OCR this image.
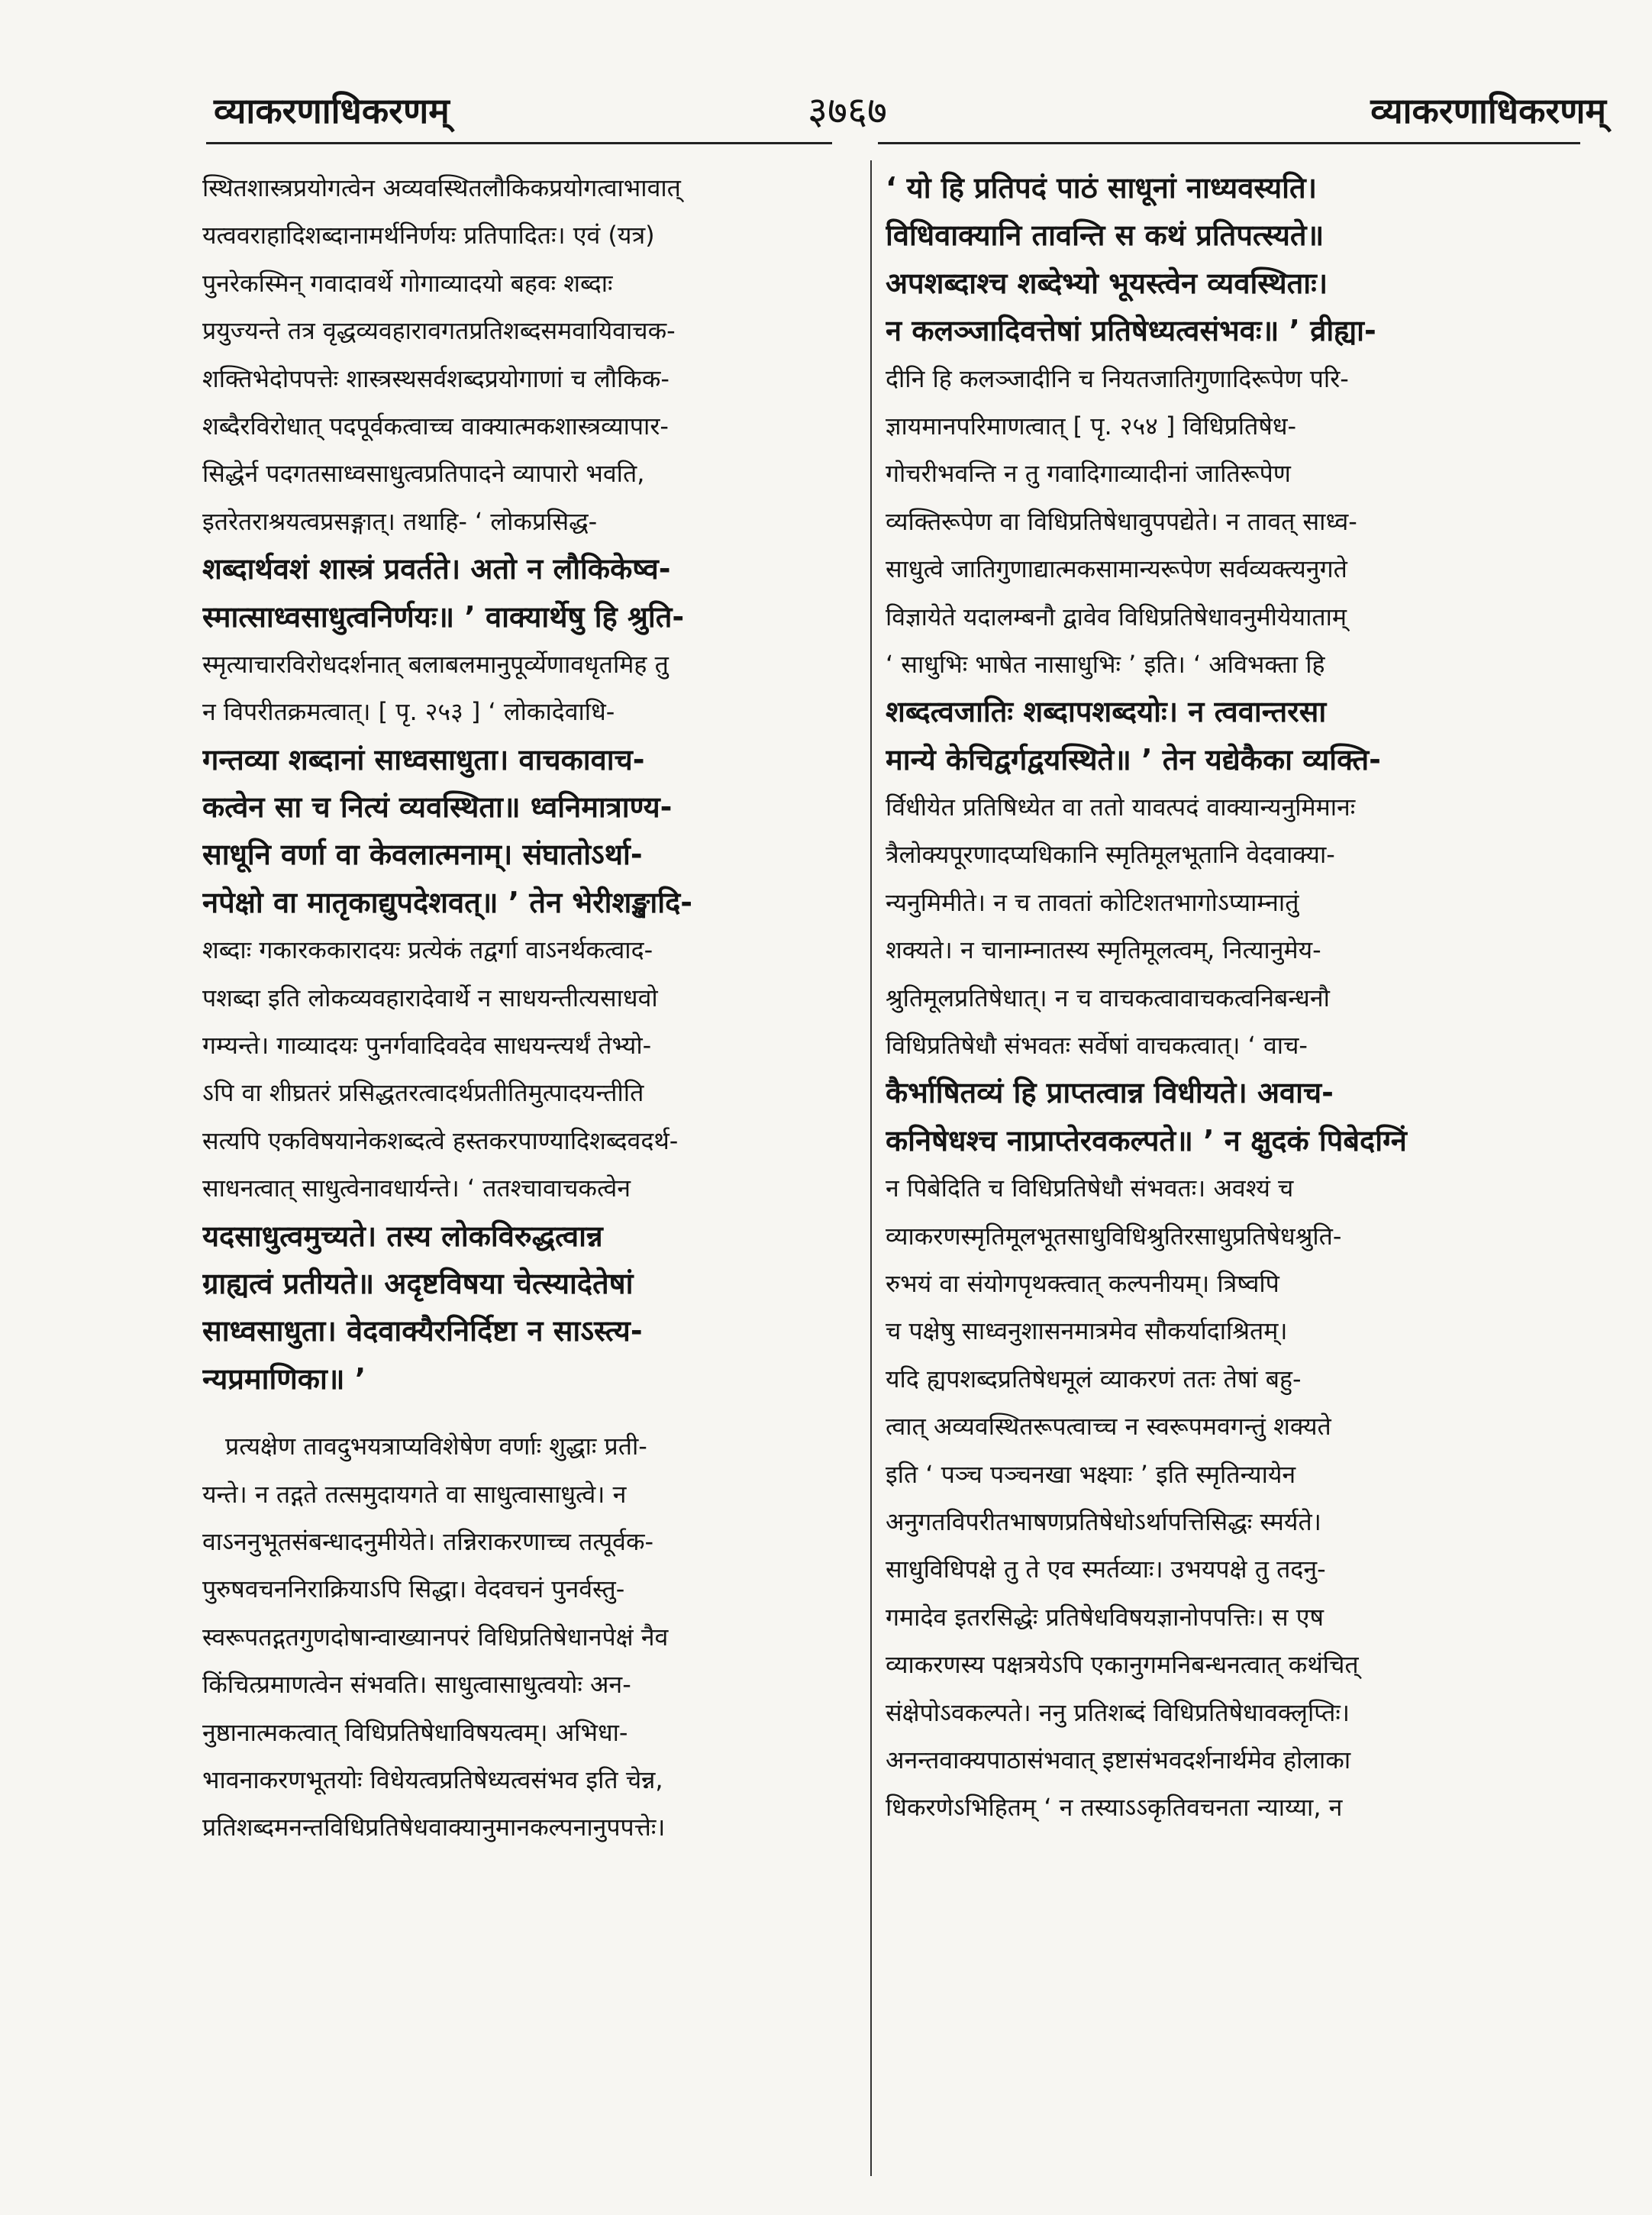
व्याकरणाधिकरणम्	३७६७	व्याकरणाधिकरणम्
स्थितशास्त्रप्रयोगत्वेन अव्यवस्थितलौकिकप्रयोगत्वाभावात्
यत्ववराहादिशब्दानामर्थनिर्णयः प्रतिपादितः। एवं (यत्र)
पुनरेकस्मिन् गवादावर्थे गोगाव्यादयो बहवः शब्दाः
प्रयुज्यन्ते तत्र वृद्धव्यवहारावगतप्रतिशब्दसमवायिवाचक-
शक्तिभेदोपपत्तेः शास्त्रस्थसर्वशब्दप्रयोगाणां च लौकिक-
शब्दैरविरोधात् पदपूर्वकत्वाच्च वाक्यात्मकशास्त्रव्यापार-
सिद्धेर्न पदगतसाध्वसाधुत्वप्रतिपादने व्यापारो भवति,
इतरेतराश्रयत्वप्रसङ्गात्। तथाहि- ‘ लोकप्रसिद्ध-
शब्दार्थवशं शास्त्रं प्रवर्तते। अतो न लौकिकेष्व-
स्मात्साध्वसाधुत्वनिर्णयः॥ ’ वाक्यार्थेषु हि श्रुति-
स्मृत्याचारविरोधदर्शनात् बलाबलमानुपूर्व्येणावधृतमिह तु
न विपरीतक्रमत्वात्। [ पृ. २५३ ] ‘ लोकादेवाधि-
गन्तव्या शब्दानां साध्वसाधुता। वाचकावाच-
कत्वेन सा च नित्यं व्यवस्थिता॥ ध्वनिमात्राण्य-
साधूनि वर्णा वा केवलात्मनाम्। संघातोऽर्था-
नपेक्षो वा मातृकाद्युपदेशवत्॥ ’ तेन भेरीशङ्खादि-
शब्दाः गकारककारादयः प्रत्येकं तद्वर्गा वाऽनर्थकत्वाद-
पशब्दा इति लोकव्यवहारादेवार्थे न साधयन्तीत्यसाधवो
गम्यन्ते। गाव्यादयः पुनर्गवादिवदेव साधयन्त्यर्थं तेभ्यो-
ऽपि वा शीघ्रतरं प्रसिद्धतरत्वादर्थप्रतीतिमुत्पादयन्तीति
सत्यपि एकविषयानेकशब्दत्वे हस्तकरपाण्यादिशब्दवदर्थ-
साधनत्वात् साधुत्वेनावधार्यन्ते। ‘ ततश्चावाचकत्वेन
यदसाधुत्वमुच्यते। तस्य लोकविरुद्धत्वान्न
ग्राह्यत्वं प्रतीयते॥ अदृष्टविषया चेत्स्यादेतेषां
साध्वसाधुता। वेदवाक्यैरनिर्दिष्टा न साऽस्त्य-
न्यप्रमाणिका॥ ’
प्रत्यक्षेण तावदुभयत्राप्यविशेषेण वर्णाः शुद्धाः प्रती-
यन्ते। न तद्गते तत्समुदायगते वा साधुत्वासाधुत्वे। न
वाऽननुभूतसंबन्धादनुमीयेते। तन्निराकरणाच्च तत्पूर्वक-
पुरुषवचननिराक्रियाऽपि सिद्धा। वेदवचनं पुनर्वस्तु-
स्वरूपतद्गतगुणदोषान्वाख्यानपरं विधिप्रतिषेधानपेक्षं नैव
किंचित्प्रमाणत्वेन संभवति। साधुत्वासाधुत्वयोः अन-
नुष्ठानात्मकत्वात् विधिप्रतिषेधाविषयत्वम्। अभिधा-
भावनाकरणभूतयोः विधेयत्वप्रतिषेध्यत्वसंभव इति चेन्न,
प्रतिशब्दमनन्तविधिप्रतिषेधवाक्यानुमानकल्पनानुपपत्तेः।
‘ यो हि प्रतिपदं पाठं साधूनां नाध्यवस्यति।
विधिवाक्यानि तावन्ति स कथं प्रतिपत्स्यते॥
अपशब्दाश्च शब्देभ्यो भूयस्त्वेन व्यवस्थिताः।
न कलञ्जादिवत्तेषां प्रतिषेध्यत्वसंभवः॥ ’ व्रीह्या-
दीनि हि कलञ्जादीनि च नियतजातिगुणादिरूपेण परि-
ज्ञायमानपरिमाणत्वात् [ पृ. २५४ ] विधिप्रतिषेध-
गोचरीभवन्ति न तु गवादिगाव्यादीनां जातिरूपेण
व्यक्तिरूपेण वा विधिप्रतिषेधावुपपद्येते। न तावत् साध्व-
साधुत्वे जातिगुणाद्यात्मकसामान्यरूपेण सर्वव्यक्त्यनुगते
विज्ञायेते यदालम्बनौ द्वावेव विधिप्रतिषेधावनुमीयेयाताम्
‘ साधुभिः भाषेत नासाधुभिः ’ इति। ‘ अविभक्ता हि
शब्दत्वजातिः शब्दापशब्दयोः। न त्ववान्तरसा
मान्ये केचिद्वर्गद्वयस्थिते॥ ’ तेन यद्येकैका व्यक्ति-
र्विधीयेत प्रतिषिध्येत वा ततो यावत्पदं वाक्यान्यनुमिमानः
त्रैलोक्यपूरणादप्यधिकानि स्मृतिमूलभूतानि वेदवाक्या-
न्यनुमिमीते। न च तावतां कोटिशतभागोऽप्याम्नातुं
शक्यते। न चानाम्नातस्य स्मृतिमूलत्वम्, नित्यानुमेय-
श्रुतिमूलप्रतिषेधात्। न च वाचकत्वावाचकत्वनिबन्धनौ
विधिप्रतिषेधौ संभवतः सर्वेषां वाचकत्वात्। ‘ वाच-
कैर्भाषितव्यं हि प्राप्तत्वान्न विधीयते। अवाच-
कनिषेधश्च नाप्राप्तेरवकल्पते॥ ’ न क्षुदकं पिबेदग्निं
न पिबेदिति च विधिप्रतिषेधौ संभवतः। अवश्यं च
व्याकरणस्मृतिमूलभूतसाधुविधिश्रुतिरसाधुप्रतिषेधश्रुति-
रुभयं वा संयोगपृथक्त्वात् कल्पनीयम्। त्रिष्वपि
च पक्षेषु साध्वनुशासनमात्रमेव सौकर्यादाश्रितम्।
यदि ह्यपशब्दप्रतिषेधमूलं व्याकरणं ततः तेषां बहु-
त्वात् अव्यवस्थितरूपत्वाच्च न स्वरूपमवगन्तुं शक्यते
इति ‘ पञ्च पञ्चनखा भक्ष्याः ’ इति स्मृतिन्यायेन
अनुगतविपरीतभाषणप्रतिषेधोऽर्थापत्तिसिद्धः स्मर्यते।
साधुविधिपक्षे तु ते एव स्मर्तव्याः। उभयपक्षे तु तदनु-
गमादेव इतरसिद्धेः प्रतिषेधविषयज्ञानोपपत्तिः। स एष
व्याकरणस्य पक्षत्रयेऽपि एकानुगमनिबन्धनत्वात् कथंचित्
संक्षेपोऽवकल्पते। ननु प्रतिशब्दं विधिप्रतिषेधावक्लृप्तिः।
अनन्तवाक्यपाठासंभवात् इष्टासंभवदर्शनार्थमेव होलाका
धिकरणेऽभिहितम् ‘ न तस्याऽऽकृतिवचनता न्याय्या, न
